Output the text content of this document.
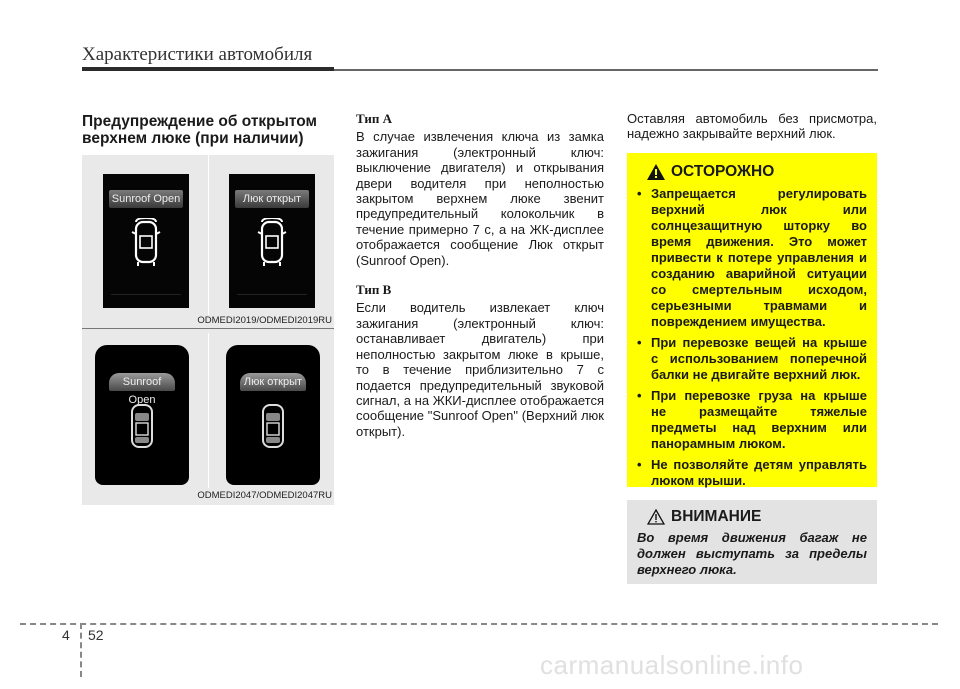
Характеристики автомобиля
Предупреждение об открытом
верхнем люке (при наличии)
Sunroof Open	Люк открыт
ODMEDI2019/ODMEDI2019RU
Sunroof Open
Люк открыт
ODMEDI2047/ODMEDI2047RU
Тип A
В случае извлечения ключа из замка зажигания (электронный ключ: выключение двигателя) и открывания двери водителя при неполностью закрытом верхнем люке звенит предупредительный колокольчик в течение примерно 7 с, а на ЖК-дисплее отображается сообщение Люк открыт (Sunroof Open).
Тип B
Если водитель извлекает ключ зажигания (электронный ключ: останавливает двигатель) при неполностью закрытом люке в крыше, то в течение приблизительно 7 с подается предупредительный звуковой сигнал, а на ЖКИ-дисплее отображается сообщение "Sunroof Open" (Верхний люк открыт).
Оставляя автомобиль без присмотра, надежно закрывайте верхний люк.
ОСТОРОЖНО
• Запрещается регулировать верхний люк или солнцезащитную шторку во время движения. Это может привести к потере управления и созданию аварийной ситуации со смертельным исходом, серьезными травмами и повреждением имущества.
• При перевозке вещей на крыше с использованием поперечной балки не двигайте верхний люк.
• При перевозке груза на крыше не размещайте тяжелые предметы над верхним или панорамным люком.
• Не позволяйте детям управлять люком крыши.
ВНИМАНИЕ
Во время движения багаж не должен выступать за пределы верхнего люка.
4 52
carmanualsonline.info
